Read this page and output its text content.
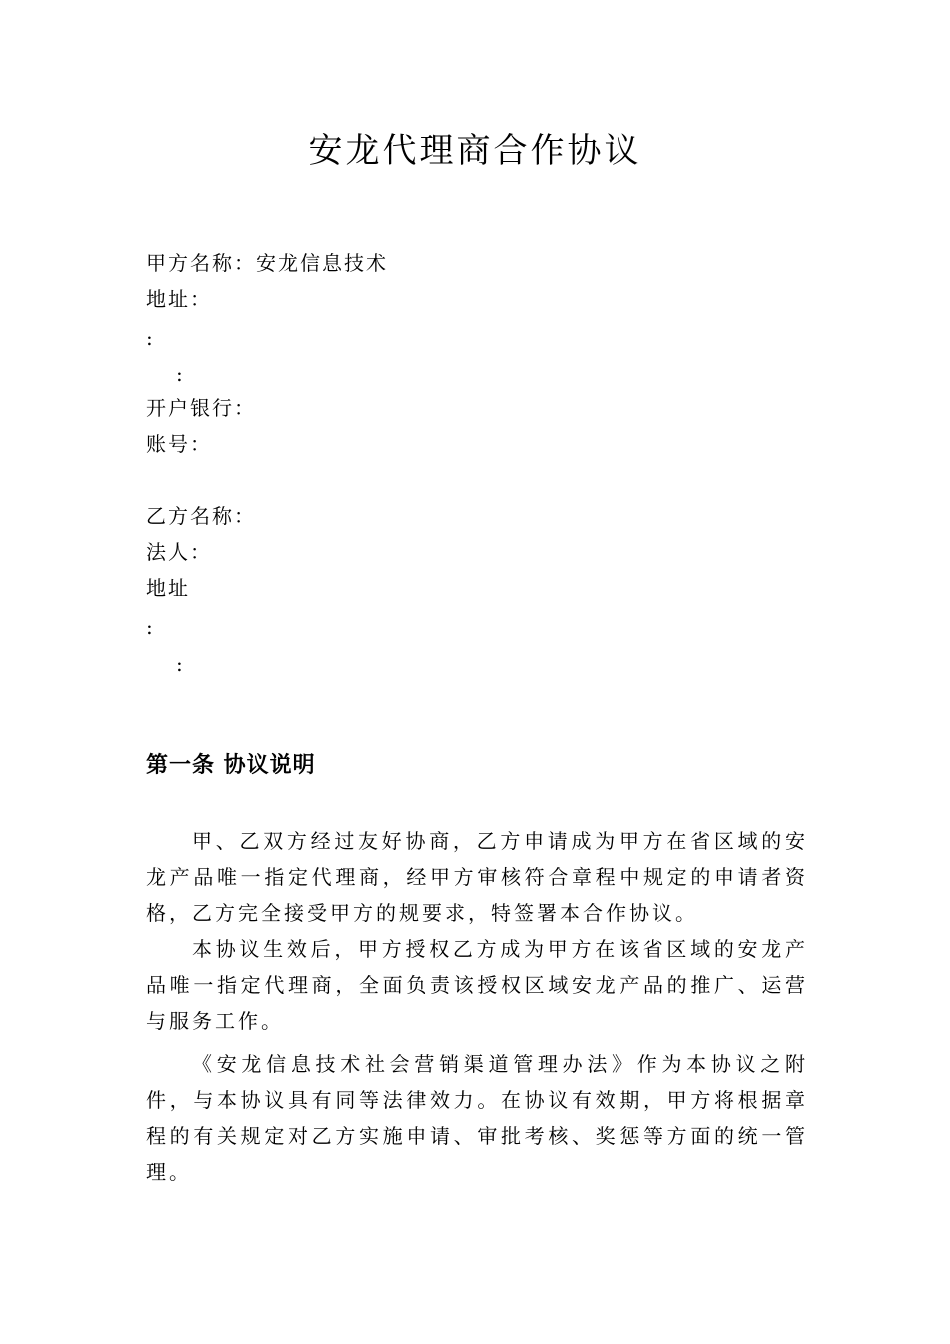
安龙代理商合作协议
甲方名称：安龙信息技术
地址：
:
:
开户银行：
账号：
乙方名称：
法人：
地址
:
:
第一条 协议说明
甲、乙双方经过友好协商，乙方申请成为甲方在省区域的安龙产品唯一指定代理商，经甲方审核符合章程中规定的申请者资格，乙方完全接受甲方的规要求，特签署本合作协议。
本协议生效后，甲方授权乙方成为甲方在该省区域的安龙产品唯一指定代理商，全面负责该授权区域安龙产品的推广、运营与服务工作。
《安龙信息技术社会营销渠道管理办法》作为本协议之附件，与本协议具有同等法律效力。在协议有效期，甲方将根据章程的有关规定对乙方实施申请、审批考核、奖惩等方面的统一管理。
